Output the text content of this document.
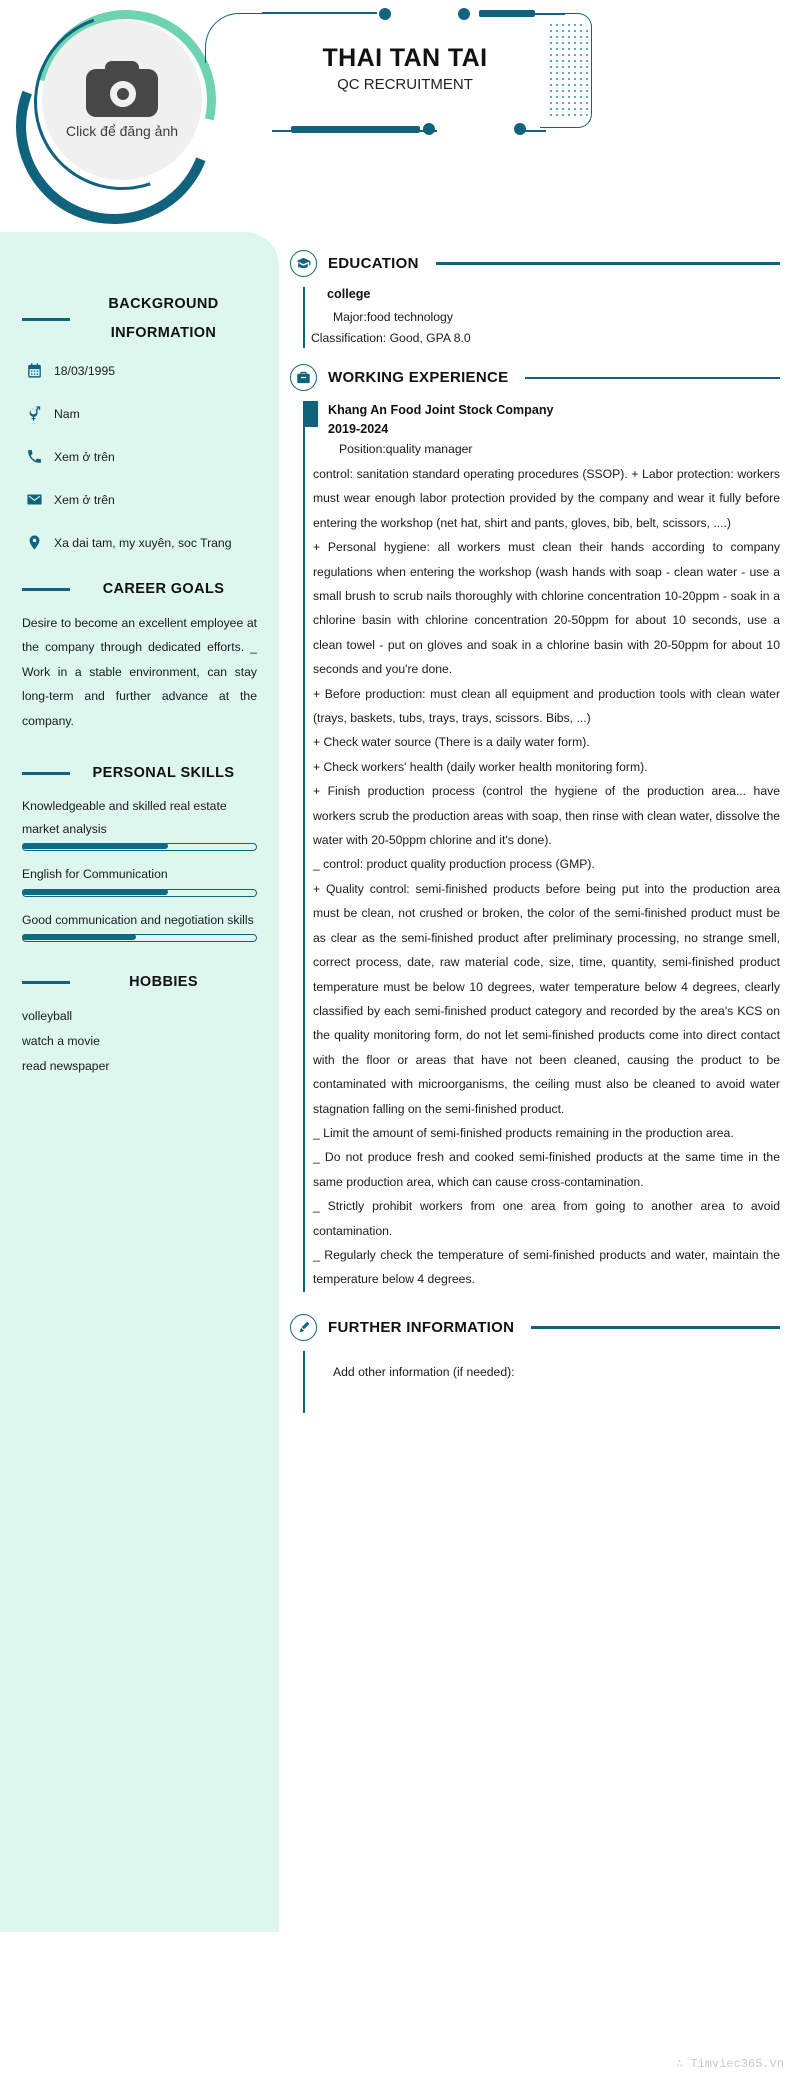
Click để đăng ảnh
THAI TAN TAI
QC RECRUITMENT
BACKGROUND
INFORMATION
18/03/1995
Nam
Xem ở trên
Xem ở trên
Xa dai tam, my xuyên, soc Trang
CAREER GOALS
Desire to become an excellent employee at the company through dedicated efforts. _ Work in a stable environment, can stay long-term and further advance at the company.
PERSONAL SKILLS
Knowledgeable and skilled real estate market analysis
English for Communication
Good communication and negotiation skills
HOBBIES
volleyball
watch a movie
read newspaper
EDUCATION
college
Major:food technology
Classification: Good, GPA 8.0
WORKING EXPERIENCE
Khang An Food Joint Stock Company
2019-2024
Position:quality manager
control: sanitation standard operating procedures (SSOP). + Labor protection: workers must wear enough labor protection provided by the company and wear it fully before entering the workshop (net hat, shirt and pants, gloves, bib, belt, scissors, ....)
+ Personal hygiene: all workers must clean their hands according to company regulations when entering the workshop (wash hands with soap - clean water - use a small brush to scrub nails thoroughly with chlorine concentration 10-20ppm - soak in a chlorine basin with chlorine concentration 20-50ppm for about 10 seconds, use a clean towel - put on gloves and soak in a chlorine basin with 20-50ppm for about 10 seconds and you're done.
+ Before production: must clean all equipment and production tools with clean water (trays, baskets, tubs, trays, trays, scissors. Bibs, ...)
+ Check water source (There is a daily water form).
+ Check workers' health (daily worker health monitoring form).
+ Finish production process (control the hygiene of the production area... have workers scrub the production areas with soap, then rinse with clean water, dissolve the water with 20-50ppm chlorine and it's done).
_ control: product quality production process (GMP).
+ Quality control: semi-finished products before being put into the production area must be clean, not crushed or broken, the color of the semi-finished product must be as clear as the semi-finished product after preliminary processing, no strange smell, correct process, date, raw material code, size, time, quantity, semi-finished product temperature must be below 10 degrees, water temperature below 4 degrees, clearly classified by each semi-finished product category and recorded by the area's KCS on the quality monitoring form, do not let semi-finished products come into direct contact with the floor or areas that have not been cleaned, causing the product to be contaminated with microorganisms, the ceiling must also be cleaned to avoid water stagnation falling on the semi-finished product.
_ Limit the amount of semi-finished products remaining in the production area.
_ Do not produce fresh and cooked semi-finished products at the same time in the same production area, which can cause cross-contamination.
_ Strictly prohibit workers from one area from going to another area to avoid contamination.
_ Regularly check the temperature of semi-finished products and water, maintain the temperature below 4 degrees.
FURTHER INFORMATION
Add other information (if needed):
∴ Timviec365.vn
